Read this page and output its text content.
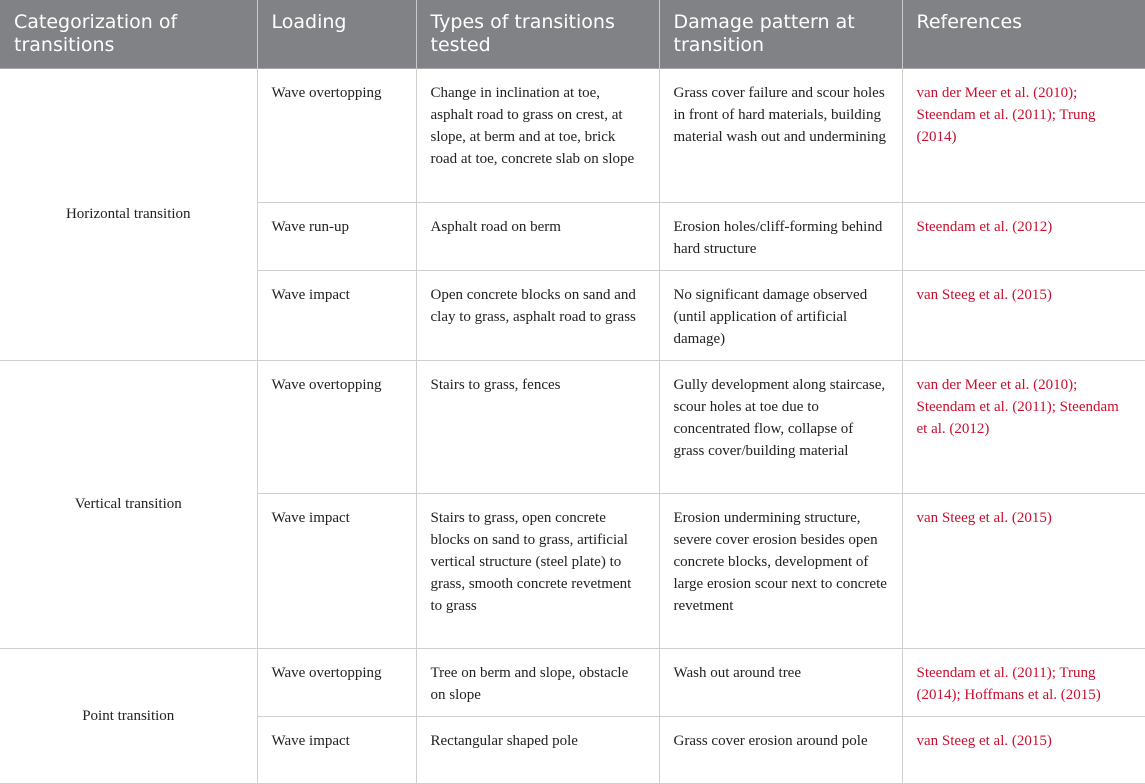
Categorization of transitions	Loading	Types of transitions tested	Damage pattern at transition	References
Horizontal transition	Wave overtopping	Change in inclination at toe, asphalt road to grass on crest, at slope, at berm and at toe, brick road at toe, concrete slab on slope	Grass cover failure and scour holes in front of hard materials, building material wash out and undermining	van der Meer et al. (2010); Steendam et al. (2011); Trung (2014)
	Wave run-up	Asphalt road on berm	Erosion holes/cliff-forming behind hard structure	Steendam et al. (2012)
	Wave impact	Open concrete blocks on sand and clay to grass, asphalt road to grass	No significant damage observed (until application of artificial damage)	van Steeg et al. (2015)
Vertical transition	Wave overtopping	Stairs to grass, fences	Gully development along staircase, scour holes at toe due to concentrated flow, collapse of grass cover/building material	van der Meer et al. (2010); Steendam et al. (2011); Steendam et al. (2012)
	Wave impact	Stairs to grass, open concrete blocks on sand to grass, artificial vertical structure (steel plate) to grass, smooth concrete revetment to grass	Erosion undermining structure, severe cover erosion besides open concrete blocks, development of large erosion scour next to concrete revetment	van Steeg et al. (2015)
Point transition	Wave overtopping	Tree on berm and slope, obstacle on slope	Wash out around tree	Steendam et al. (2011); Trung (2014); Hoffmans et al. (2015)
	Wave impact	Rectangular shaped pole	Grass cover erosion around pole	van Steeg et al. (2015)
